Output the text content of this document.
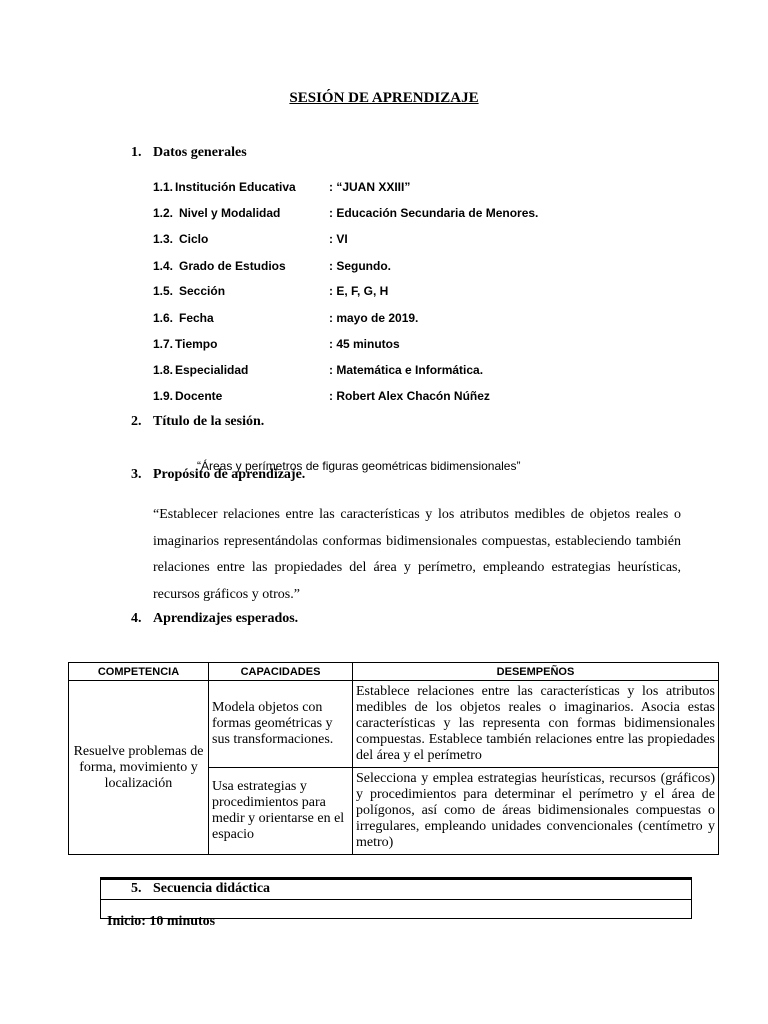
SESIÓN DE APRENDIZAJE
1. Datos generales
1.1. Institución Educativa	: “JUAN XXIII”
1.2. Nivel y Modalidad	: Educación Secundaria de Menores.
1.3. Ciclo	: VI
1.4. Grado de Estudios	: Segundo.
1.5. Sección	: E, F, G, H
1.6. Fecha	: mayo de 2019.
1.7. Tiempo	: 45 minutos
1.8. Especialidad	: Matemática e Informática.
1.9. Docente	: Robert Alex Chacón Núñez
2. Título de la sesión.
3. Propósito de aprendizaje.
“Áreas y perímetros de figuras geométricas bidimensionales”
“Establecer relaciones entre las características y los atributos medibles de objetos reales o imaginarios representándolas conformas bidimensionales compuestas, estableciendo también relaciones entre las propiedades del área y perímetro, empleando estrategias heurísticas, recursos gráficos y otros.”
4. Aprendizajes esperados.
COMPETENCIA	CAPACIDADES	DESEMPEÑOS
Resuelve problemas de forma, movimiento y localización	Modela objetos con formas geométricas y sus transformaciones.	Establece relaciones entre las características y los atributos medibles de los objetos reales o imaginarios. Asocia estas características y las representa con formas bidimensionales compuestas. Establece también relaciones entre las propiedades del área y el perímetro
	Usa estrategias y procedimientos para medir y orientarse en el espacio	Selecciona y emplea estrategias heurísticas, recursos (gráficos) y procedimientos para determinar el perímetro y el área de polígonos, así como de áreas bidimensionales compuestas o irregulares, empleando unidades convencionales (centímetro y metro)
5. Secuencia didáctica
Inicio: 10 minutos
